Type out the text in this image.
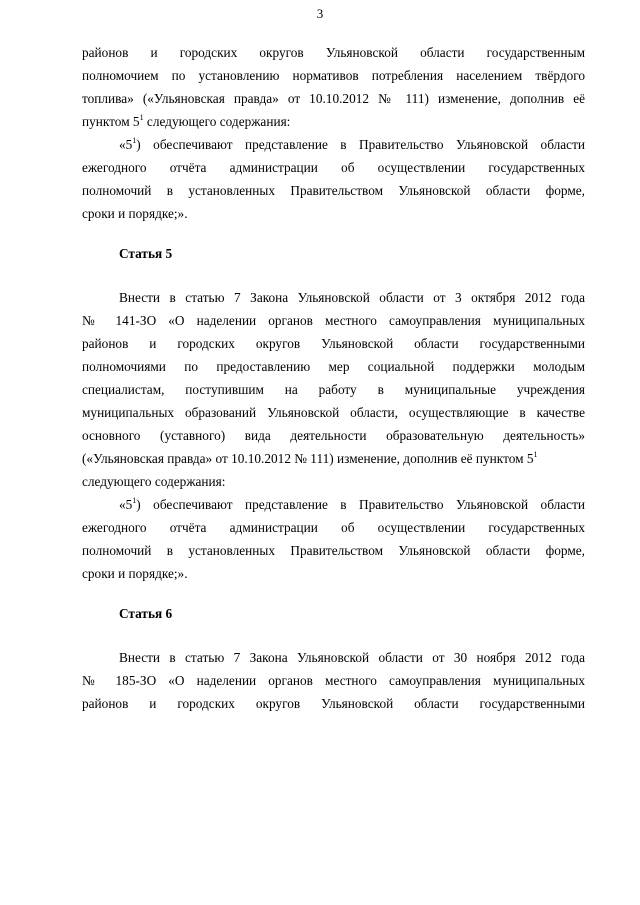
3
районов и городских округов Ульяновской области государственным
полномочием по установлению нормативов потребления населением твёрдого
топлива» («Ульяновская правда» от 10.10.2012 № 111) изменение, дополнив её
пунктом $5^1$ следующего содержания:
«$5^1$) обеспечивают представление в Правительство Ульяновской области
ежегодного отчёта администрации об осуществлении государственных
полномочий в установленных Правительством Ульяновской области форме,
сроки и порядке;».
Статья 5
Внести в статью 7 Закона Ульяновской области от 3 октября 2012 года
№ 141-ЗО «О наделении органов местного самоуправления муниципальных
районов и городских округов Ульяновской области государственными
полномочиями по предоставлению мер социальной поддержки молодым
специалистам, поступившим на работу в муниципальные учреждения
муниципальных образований Ульяновской области, осуществляющие в качестве
основного (уставного) вида деятельности образовательную деятельность»
(«Ульяновская правда» от 10.10.2012 № 111) изменение, дополнив её пунктом $5^1$
следующего содержания:
«$5^1$) обеспечивают представление в Правительство Ульяновской области
ежегодного отчёта администрации об осуществлении государственных
полномочий в установленных Правительством Ульяновской области форме,
сроки и порядке;».
Статья 6
Внести в статью 7 Закона Ульяновской области от 30 ноября 2012 года
№ 185-ЗО «О наделении органов местного самоуправления муниципальных
районов и городских округов Ульяновской области государственными
